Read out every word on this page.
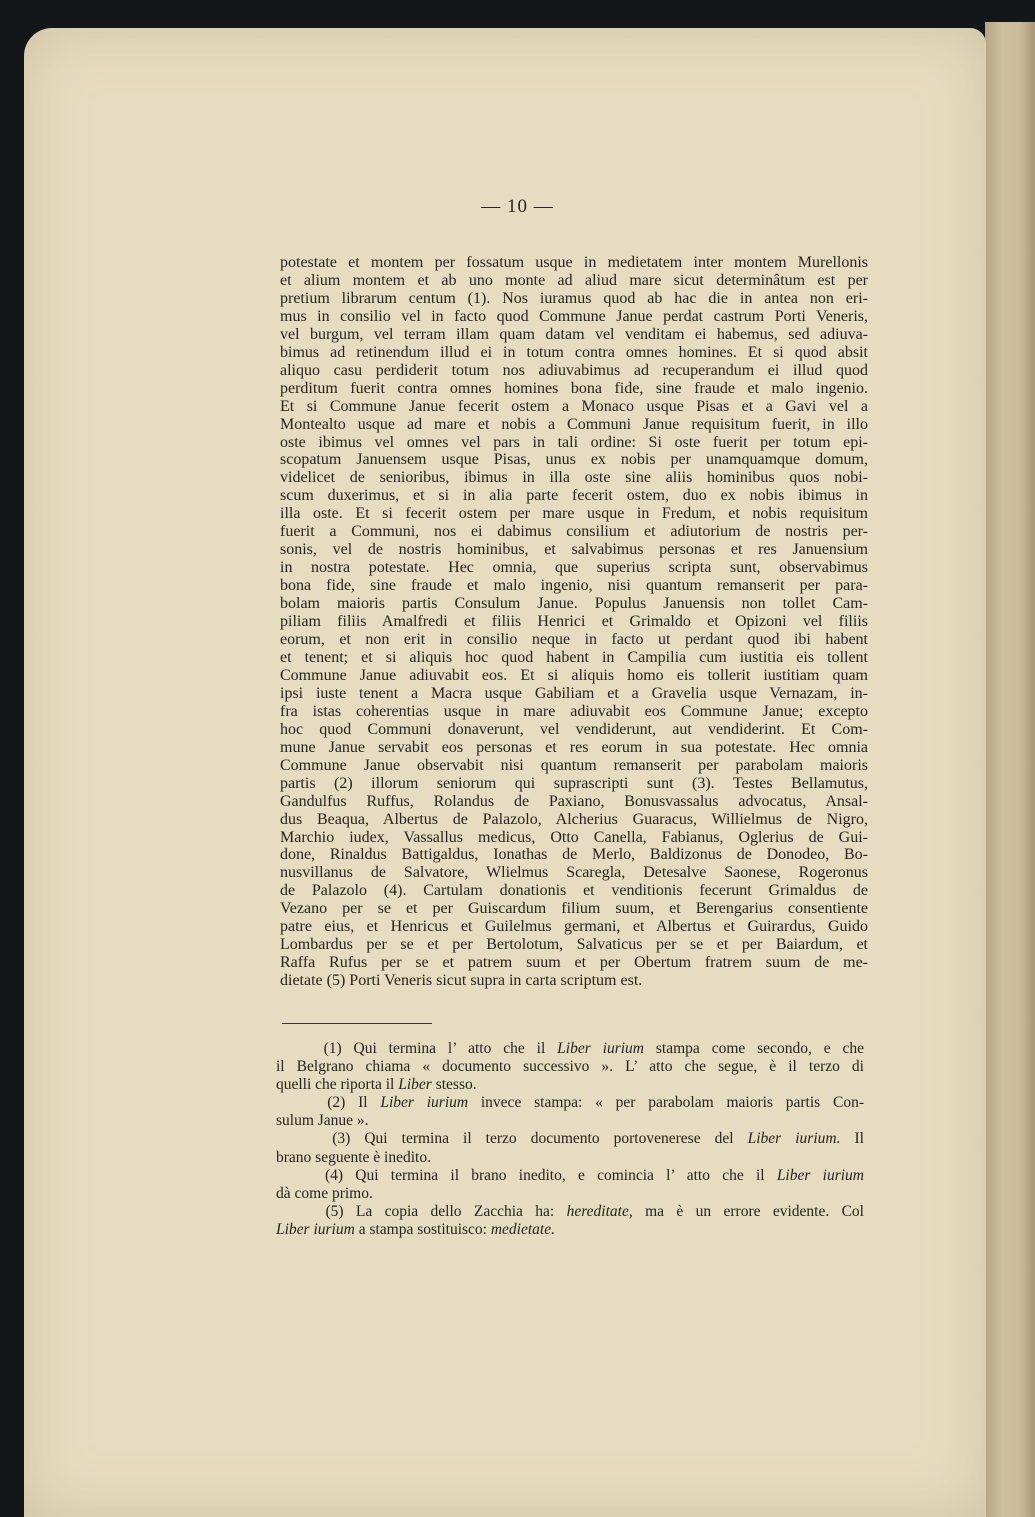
— 10 —
potestate et montem per fossatum usque in medietatem inter montem Murellonis
et alium montem et ab uno monte ad aliud mare sicut determinâtum est per
pretium librarum centum (1). Nos iuramus quod ab hac die in antea non eri-
mus in consilio vel in facto quod Commune Janue perdat castrum Porti Veneris,
vel burgum, vel terram illam quam datam vel venditam ei habemus, sed adiuva-
bimus ad retinendum illud ei in totum contra omnes homines. Et si quod absit
aliquo casu perdiderit totum nos adiuvabimus ad recuperandum ei illud quod
perditum fuerit contra omnes homines bona fide, sine fraude et malo ingenio.
Et si Commune Janue fecerit ostem a Monaco usque Pisas et a Gavi vel a
Montealto usque ad mare et nobis a Communi Janue requisitum fuerit, in illo
oste ibimus vel omnes vel pars in tali ordine: Si oste fuerit per totum epi-
scopatum Januensem usque Pisas, unus ex nobis per unamquamque domum,
videlicet de senioribus, ibimus in illa oste sine aliis hominibus quos nobi-
scum duxerimus, et si in alia parte fecerit ostem, duo ex nobis ibimus in
illa oste. Et si fecerit ostem per mare usque in Fredum, et nobis requisitum
fuerit a Communi, nos ei dabimus consilium et adiutorium de nostris per-
sonis, vel de nostris hominibus, et salvabimus personas et res Januensium
in nostra potestate. Hec omnia, que superius scripta sunt, observabimus
bona fide, sine fraude et malo ingenio, nisi quantum remanserit per para-
bolam maioris partis Consulum Janue. Populus Januensis non tollet Cam-
piliam filiis Amalfredi et filiis Henrici et Grimaldo et Opizoni vel filiis
eorum, et non erit in consilio neque in facto ut perdant quod ibi habent
et tenent; et si aliquis hoc quod habent in Campilia cum iustitia eis tollent
Commune Janue adiuvabit eos. Et si aliquis homo eis tollerit iustitiam quam
ipsi iuste tenent a Macra usque Gabiliam et a Gravelia usque Vernazam, in-
fra istas coherentias usque in mare adiuvabit eos Commune Janue; excepto
hoc quod Communi donaverunt, vel vendiderunt, aut vendiderint. Et Com-
mune Janue servabit eos personas et res eorum in sua potestate. Hec omnia
Commune Janue observabit nisi quantum remanserit per parabolam maioris
partis (2) illorum seniorum qui suprascripti sunt (3). Testes Bellamutus,
Gandulfus Ruffus, Rolandus de Paxiano, Bonusvassalus advocatus, Ansal-
dus Beaqua, Albertus de Palazolo, Alcherius Guaracus, Willielmus de Nigro,
Marchio iudex, Vassallus medicus, Otto Canella, Fabianus, Oglerius de Gui-
done, Rinaldus Battigaldus, Ionathas de Merlo, Baldizonus de Donodeo, Bo-
nusvillanus de Salvatore, Wlielmus Scaregla, Detesalve Saonese, Rogeronus
de Palazolo (4). Cartulam donationis et venditionis fecerunt Grimaldus de
Vezano per se et per Guiscardum filium suum, et Berengarius consentiente
patre eius, et Henricus et Guilelmus germani, et Albertus et Guirardus, Guido
Lombardus per se et per Bertolotum, Salvaticus per se et per Baiardum, et
Raffa Rufus per se et patrem suum et per Obertum fratrem suum de me-
dietate (5) Porti Veneris sicut supra in carta scriptum est.
(1) Qui termina l’ atto che il Liber iurium stampa come secondo, e che
il Belgrano chiama « documento successivo ». L’ atto che segue, è il terzo di
quelli che riporta il Liber stesso.
(2) Il Liber iurium invece stampa: « per parabolam maioris partis Con-
sulum Janue ».
(3) Qui termina il terzo documento portovenerese del Liber iurium. Il
brano seguente è inedito.
(4) Qui termina il brano inedito, e comincia l’ atto che il Liber iurium
dà come primo.
(5) La copia dello Zacchia ha: hereditate, ma è un errore evidente. Col
Liber iurium a stampa sostituisco: medietate.
